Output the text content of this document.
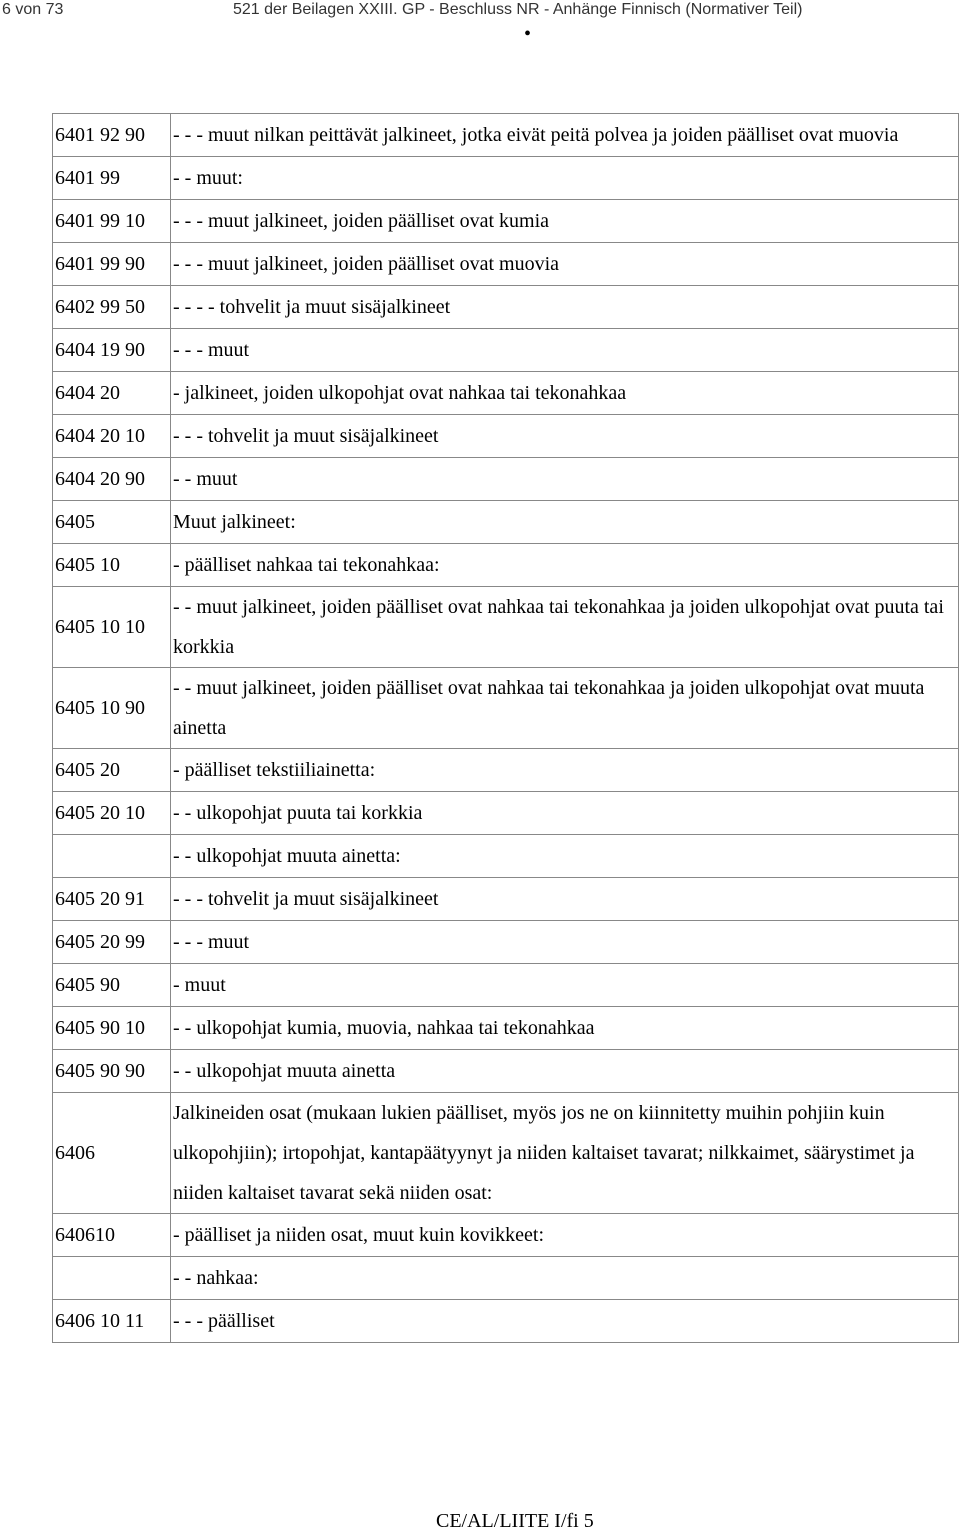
6 von 73	521 der Beilagen XXIII. GP - Beschluss NR - Anhänge Finnisch (Normativer Teil)
•
6401 92 90	- - - muut nilkan peittävät jalkineet, jotka eivät peitä polvea ja joiden päälliset ovat muovia
6401 99	- - muut:
6401 99 10	- - - muut jalkineet, joiden päälliset ovat kumia
6401 99 90	- - - muut jalkineet, joiden päälliset ovat muovia
6402 99 50	- - - - tohvelit ja muut sisäjalkineet
6404 19 90	- - - muut
6404 20	- jalkineet, joiden ulkopohjat ovat nahkaa tai tekonahkaa
6404 20 10	- - - tohvelit ja muut sisäjalkineet
6404 20 90	- - muut
6405	Muut jalkineet:
6405 10	- päälliset nahkaa tai tekonahkaa:
6405 10 10	- - muut jalkineet, joiden päälliset ovat nahkaa tai tekonahkaa ja joiden ulkopohjat ovat puuta tai korkkia
6405 10 90	- - muut jalkineet, joiden päälliset ovat nahkaa tai tekonahkaa ja joiden ulkopohjat ovat muuta ainetta
6405 20	- päälliset tekstiiliainetta:
6405 20 10	- - ulkopohjat puuta tai korkkia
	- - ulkopohjat muuta ainetta:
6405 20 91	- - - tohvelit ja muut sisäjalkineet
6405 20 99	- - - muut
6405 90	- muut
6405 90 10	- - ulkopohjat kumia, muovia, nahkaa tai tekonahkaa
6405 90 90	- - ulkopohjat muuta ainetta
6406	Jalkineiden osat (mukaan lukien päälliset, myös jos ne on kiinnitetty muihin pohjiin kuin ulkopohjiin); irtopohjat, kantapäätyynyt ja niiden kaltaiset tavarat; nilkkaimet, säärystimet ja niiden kaltaiset tavarat sekä niiden osat:
640610	- päälliset ja niiden osat, muut kuin kovikkeet:
	- - nahkaa:
6406 10 11	- - - päälliset
CE/AL/LIITE I/fi 5
